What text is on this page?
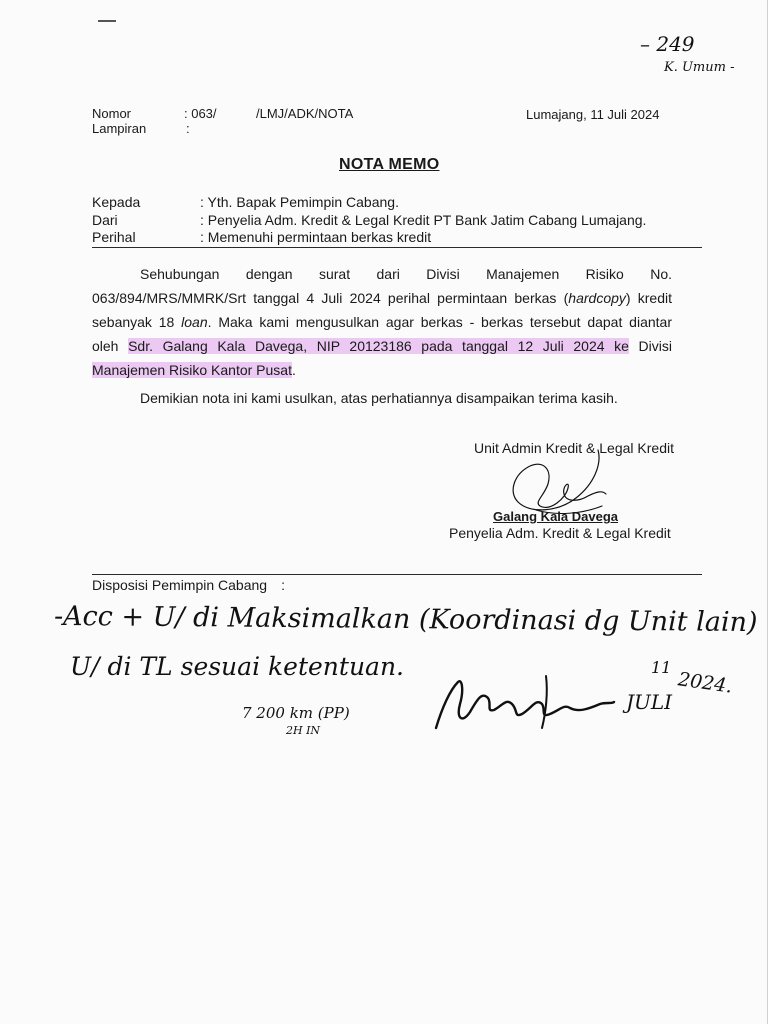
– 249
K. Umum -
Nomor	: 063/	/LMJ/ADK/NOTA	Lumajang, 11 Juli 2024
Lampiran	:
NOTA MEMO
Kepada	: Yth. Bapak Pemimpin Cabang.
Dari	: Penyelia Adm. Kredit & Legal Kredit PT Bank Jatim Cabang Lumajang.
Perihal	: Memenuhi permintaan berkas kredit
Sehubungan dengan surat dari Divisi Manajemen Risiko No.
063/894/MRS/MMRK/Srt tanggal 4 Juli 2024 perihal permintaan berkas (hardcopy) kredit
sebanyak 18 loan. Maka kami mengusulkan agar berkas - berkas tersebut dapat diantar
oleh Sdr. Galang Kala Davega, NIP 20123186 pada tanggal 12 Juli 2024 ke Divisi
Manajemen Risiko Kantor Pusat.
Demikian nota ini kami usulkan, atas perhatiannya disampaikan terima kasih.
Unit Admin Kredit & Legal Kredit
Galang Kala Davega
Penyelia Adm. Kredit & Legal Kredit
Disposisi Pemimpin Cabang :
-Acc + U/ di Maksimalkan (Koordinasi dg Unit lain)
U/ di TL sesuai ketentuan.
7 200 km (PP)
2H IN
11
JULI
2024.
